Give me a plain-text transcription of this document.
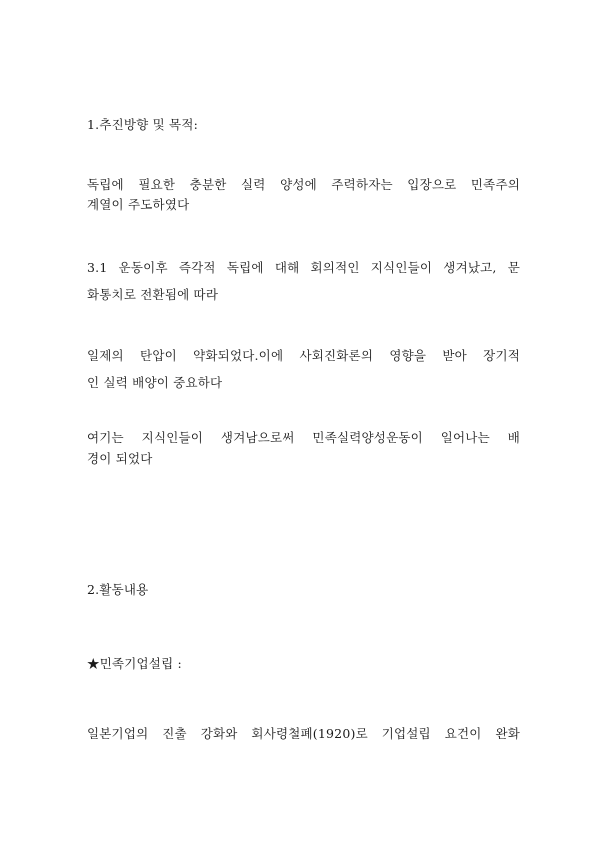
1.추진방향 및 목적:
독립에 필요한 충분한 실력 양성에 주력하자는 입장으로 민족주의
계열이 주도하였다
3.1 운동이후 즉각적 독립에 대해 회의적인 지식인들이 생겨났고, 문
화통치로 전환됨에 따라
일제의 탄압이 약화되었다.이에 사회진화론의 영향을 받아 장기적
인 실력 배양이 중요하다
여기는 지식인들이 생겨남으로써 민족실력양성운동이 일어나는 배
경이 되었다
2.활동내용
★민족기업설립 :
일본기업의 진출 강화와 회사령철폐(1920)로 기업설립 요건이 완화
